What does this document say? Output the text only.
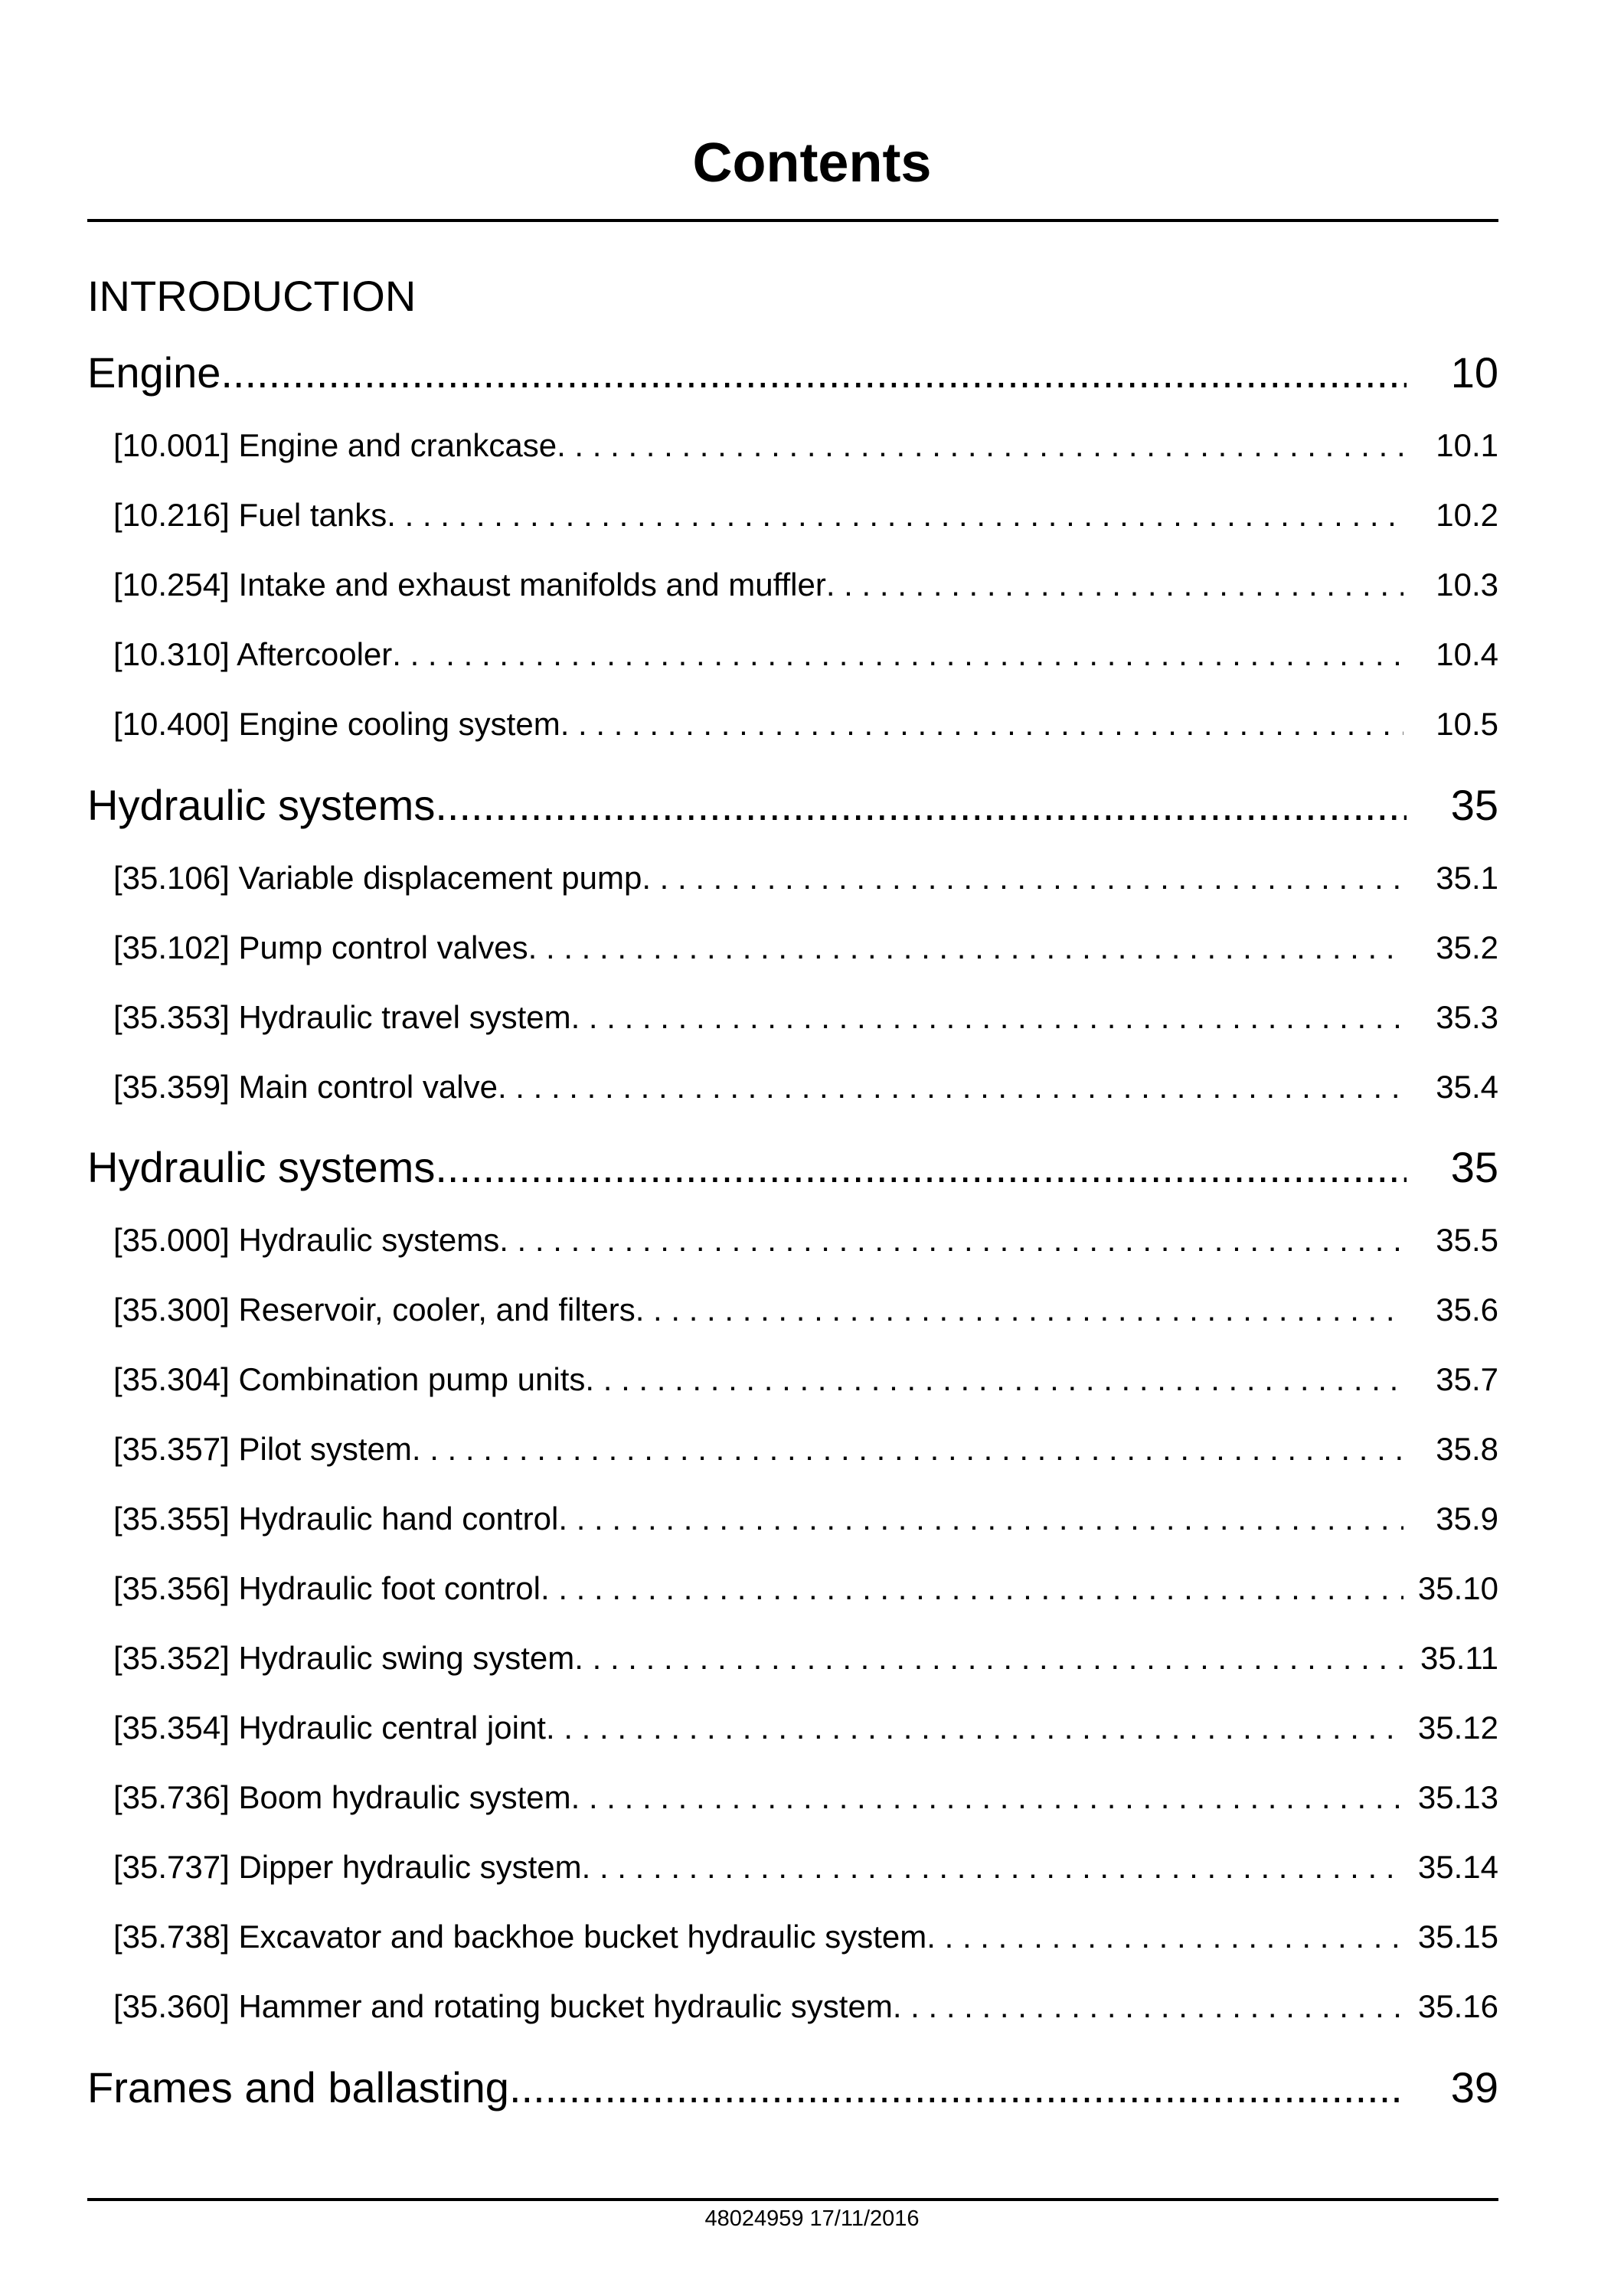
Contents
INTRODUCTION
Engine .....	10
[10.001] Engine and crankcase . . .	10.1
[10.216] Fuel tanks . . .	10.2
[10.254] Intake and exhaust manifolds and muffler . . .	10.3
[10.310] Aftercooler . . .	10.4
[10.400] Engine cooling system . . .	10.5
Hydraulic systems .....	35
[35.106] Variable displacement pump . . .	35.1
[35.102] Pump control valves . . .	35.2
[35.353] Hydraulic travel system . . .	35.3
[35.359] Main control valve . . .	35.4
Hydraulic systems .....	35
[35.000] Hydraulic systems . . .	35.5
[35.300] Reservoir, cooler, and filters . . .	35.6
[35.304] Combination pump units . . .	35.7
[35.357] Pilot system . . .	35.8
[35.355] Hydraulic hand control . . .	35.9
[35.356] Hydraulic foot control . . .	35.10
[35.352] Hydraulic swing system . . .	35.11
[35.354] Hydraulic central joint . . .	35.12
[35.736] Boom hydraulic system . . .	35.13
[35.737] Dipper hydraulic system . . .	35.14
[35.738] Excavator and backhoe bucket hydraulic system . . .	35.15
[35.360] Hammer and rotating bucket hydraulic system . . .	35.16
Frames and ballasting .....	39
48024959 17/11/2016
